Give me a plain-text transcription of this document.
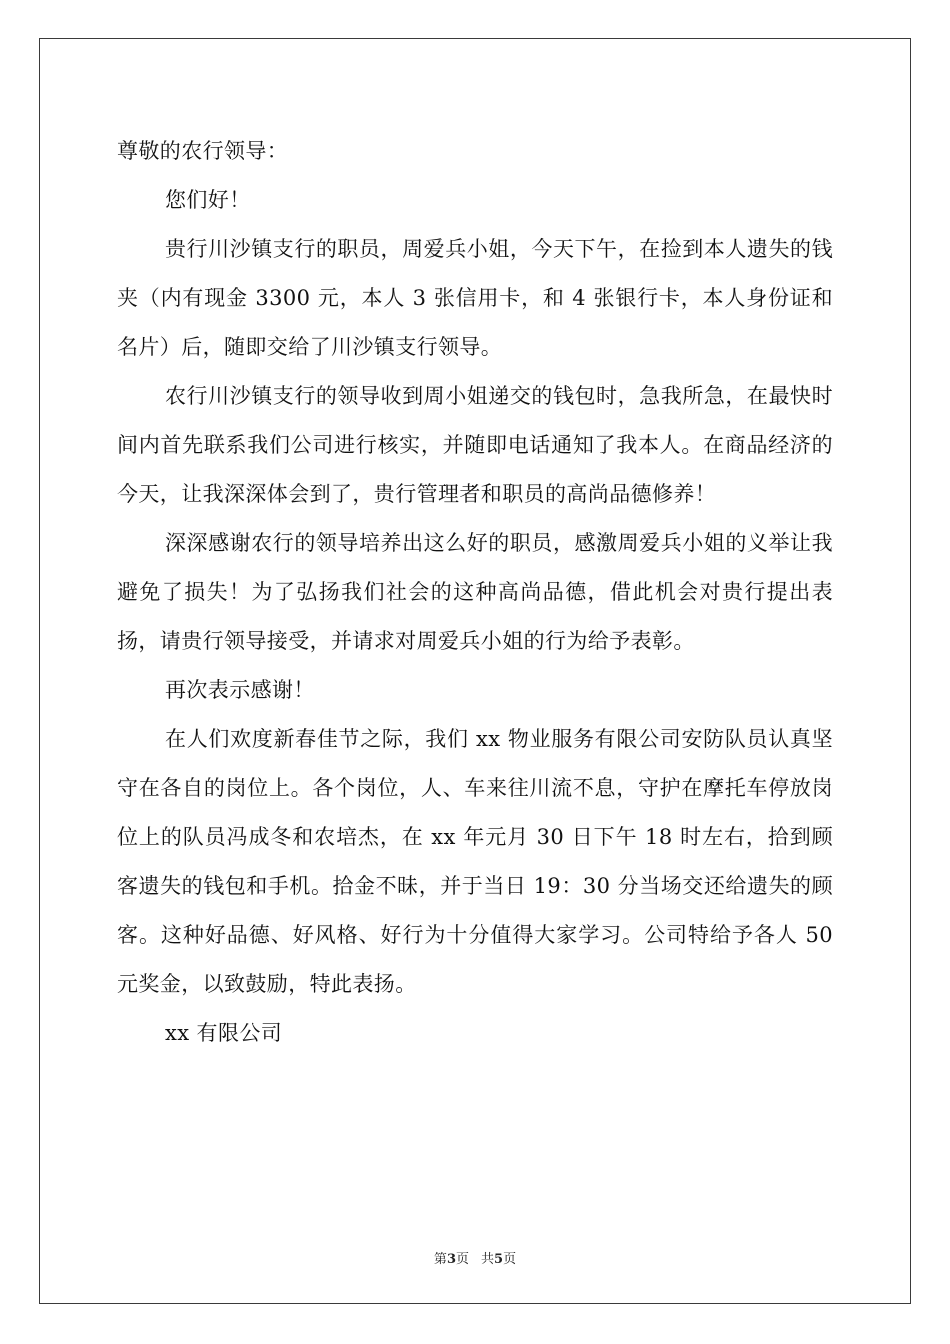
尊敬的农行领导：

您们好！

贵行川沙镇支行的职员，周爱兵小姐，今天下午，在捡到本人遗失的钱夹（内有现金 3300 元，本人 3 张信用卡，和 4 张银行卡，本人身份证和名片）后，随即交给了川沙镇支行领导。

农行川沙镇支行的领导收到周小姐递交的钱包时，急我所急，在最快时间内首先联系我们公司进行核实，并随即电话通知了我本人。在商品经济的今天，让我深深体会到了，贵行管理者和职员的高尚品德修养！

深深感谢农行的领导培养出这么好的职员，感激周爱兵小姐的义举让我避免了损失！为了弘扬我们社会的这种高尚品德，借此机会对贵行提出表扬，请贵行领导接受，并请求对周爱兵小姐的行为给予表彰。

再次表示感谢！

在人们欢度新春佳节之际，我们 xx 物业服务有限公司安防队员认真坚守在各自的岗位上。各个岗位，人、车来往川流不息，守护在摩托车停放岗位上的队员冯成冬和农培杰，在 xx 年元月 30 日下午 18 时左右，拾到顾客遗失的钱包和手机。拾金不昧，并于当日 19：30 分当场交还给遗失的顾客。这种好品德、好风格、好行为十分值得大家学习。公司特给予各人 50 元奖金，以致鼓励，特此表扬。

xx 有限公司

第3页 共5页
